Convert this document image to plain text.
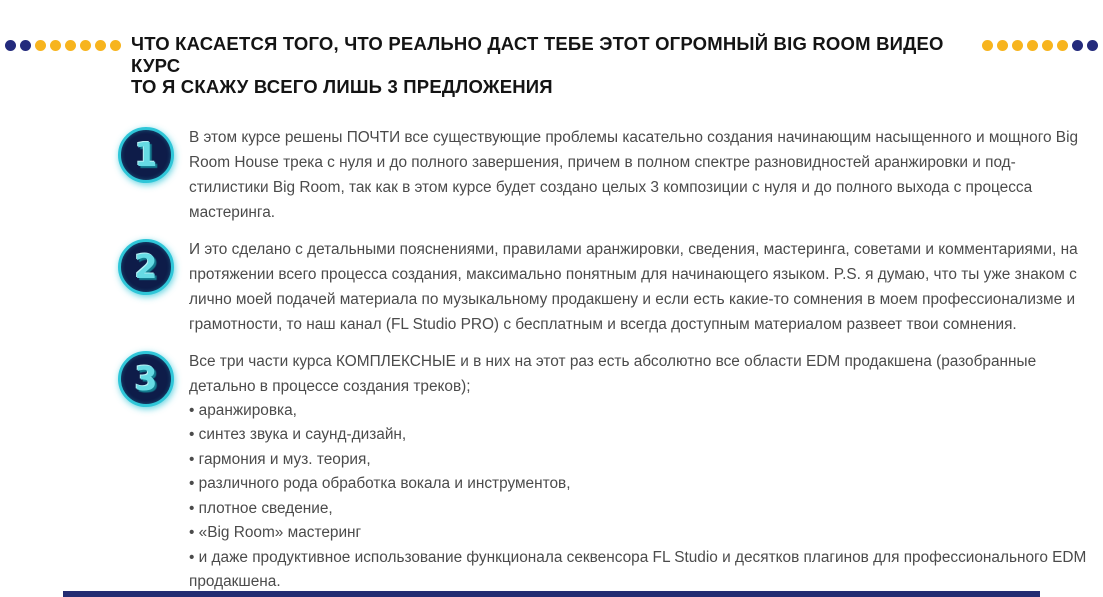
ЧТО КАСАЕТСЯ ТОГО, ЧТО РЕАЛЬНО ДАСТ ТЕБЕ ЭТОТ ОГРОМНЫЙ BIG ROOM ВИДЕО КУРС
ТО Я СКАЖУ ВСЕГО ЛИШЬ 3 ПРЕДЛОЖЕНИЯ
1 В этом курсе решены ПОЧТИ все существующие проблемы касательно создания начинающим насыщенного и мощного Big Room House трека с нуля и до полного завершения, причем в полном спектре разновидностей аранжировки и под-стилистики Big Room, так как в этом курсе будет создано целых 3 композиции с нуля и до полного выхода с процесса мастеринга.

2 И это сделано с детальными пояснениями, правилами аранжировки, сведения, мастеринга, советами и комментариями, на протяжении всего процесса создания, максимально понятным для начинающего языком. P.S. я думаю, что ты уже знаком с лично моей подачей материала по музыкальному продакшену и если есть какие-то сомнения в моем профессионализме и грамотности, то наш канал (FL Studio PRO) с бесплатным и всегда доступным материалом развеет твои сомнения.

3 Все три части курса КОМПЛЕКСНЫЕ и в них на этот раз есть абсолютно все области EDM продакшена (разобранные детально в процессе создания треков);

• аранжировка,
• синтез звука и саунд-дизайн,
• гармония и муз. теория,
• различного рода обработка вокала и инструментов,
• плотное сведение,
• «Big Room» мастеринг
• и даже продуктивное использование функционала секвенсора FL Studio и десятков плагинов для профессионального EDM продакшена.
